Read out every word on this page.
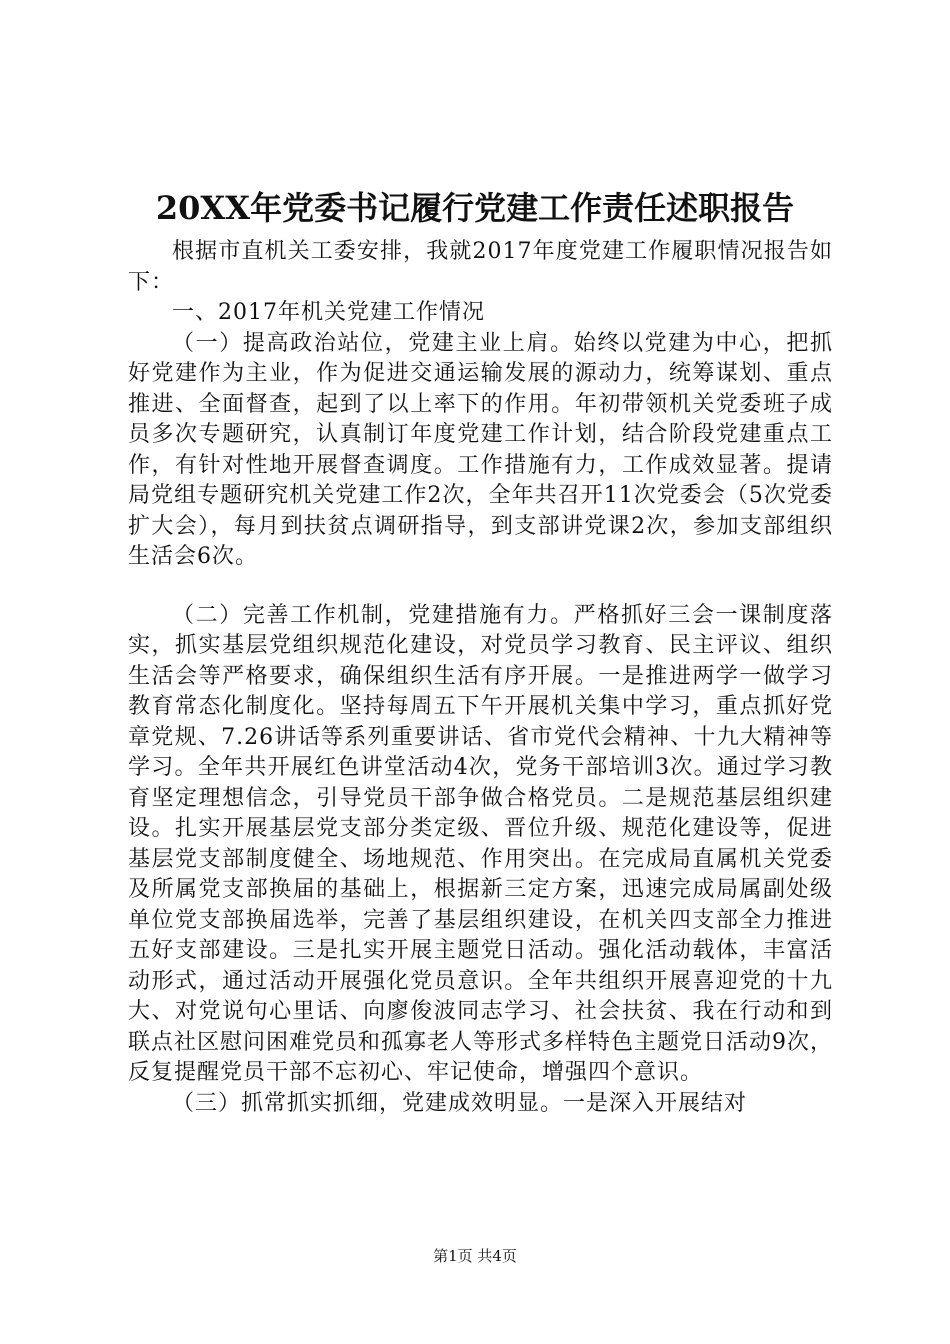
20XX年党委书记履行党建工作责任述职报告

根据市直机关工委安排，我就2017年度党建工作履职情况报告如下：

一、2017年机关党建工作情况

（一）提高政治站位，党建主业上肩。始终以党建为中心，把抓好党建作为主业，作为促进交通运输发展的源动力，统筹谋划、重点推进、全面督查，起到了以上率下的作用。年初带领机关党委班子成员多次专题研究，认真制订年度党建工作计划，结合阶段党建重点工作，有针对性地开展督查调度。工作措施有力，工作成效显著。提请局党组专题研究机关党建工作2次，全年共召开11次党委会（5次党委扩大会），每月到扶贫点调研指导，到支部讲党课2次，参加支部组织生活会6次。

（二）完善工作机制，党建措施有力。严格抓好三会一课制度落实，抓实基层党组织规范化建设，对党员学习教育、民主评议、组织生活会等严格要求，确保组织生活有序开展。一是推进两学一做学习教育常态化制度化。坚持每周五下午开展机关集中学习，重点抓好党章党规、7.26讲话等系列重要讲话、省市党代会精神、十九大精神等学习。全年共开展红色讲堂活动4次，党务干部培训3次。通过学习教育坚定理想信念，引导党员干部争做合格党员。二是规范基层组织建设。扎实开展基层党支部分类定级、晋位升级、规范化建设等，促进基层党支部制度健全、场地规范、作用突出。在完成局直属机关党委及所属党支部换届的基础上，根据新三定方案，迅速完成局属副处级单位党支部换届选举，完善了基层组织建设，在机关四支部全力推进五好支部建设。三是扎实开展主题党日活动。强化活动载体，丰富活动形式，通过活动开展强化党员意识。全年共组织开展喜迎党的十九大、对党说句心里话、向廖俊波同志学习、社会扶贫、我在行动和到联点社区慰问困难党员和孤寡老人等形式多样特色主题党日活动9次，反复提醒党员干部不忘初心、牢记使命，增强四个意识。

（三）抓常抓实抓细，党建成效明显。一是深入开展结对

第1页 共4页
